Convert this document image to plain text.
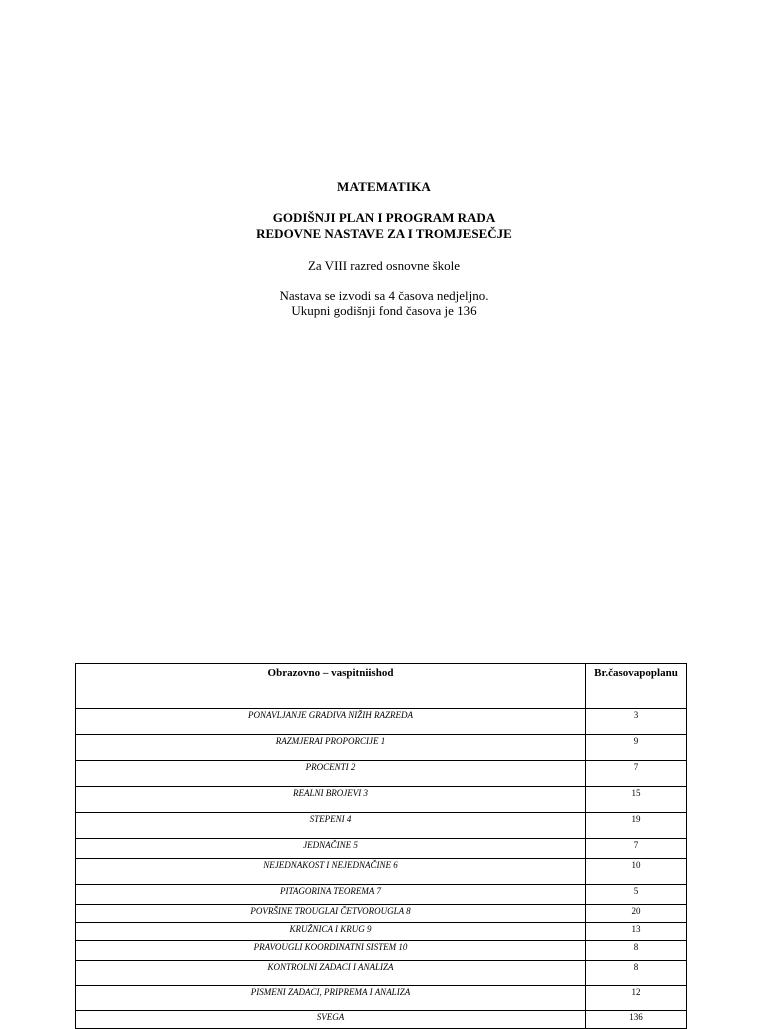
MATEMATIKA
GODIŠNJI PLAN I PROGRAM RADA
REDOVNE NASTAVE ZA I TROMJESEČJE
Za VIII razred osnovne škole
Nastava se izvodi sa 4 časova nedjeljno.
Ukupni godišnji fond časova je 136
Obrazovno – vaspitniishod	Br.časovapoplanu
PONAVLJANJE GRADIVA NIŽIH RAZREDA	3
RAZMJERAI PROPORCIJE 1	9
PROCENTI 2	7
REALNI BROJEVI 3	15
STEPENI 4	19
JEDNAČINE 5	7
NEJEDNAKOST I NEJEDNAČINE 6	10
PITAGORINA TEOREMA 7	5
POVRŠINE TROUGLAI ČETVOROUGLA 8	20
KRUŽNICA I KRUG 9	13
PRAVOUGLI KOORDINATNI SISTEM 10	8
KONTROLNI ZADACI I ANALIZA	8
PISMENI ZADACI, PRIPREMA I ANALIZA	12
SVEGA	136
